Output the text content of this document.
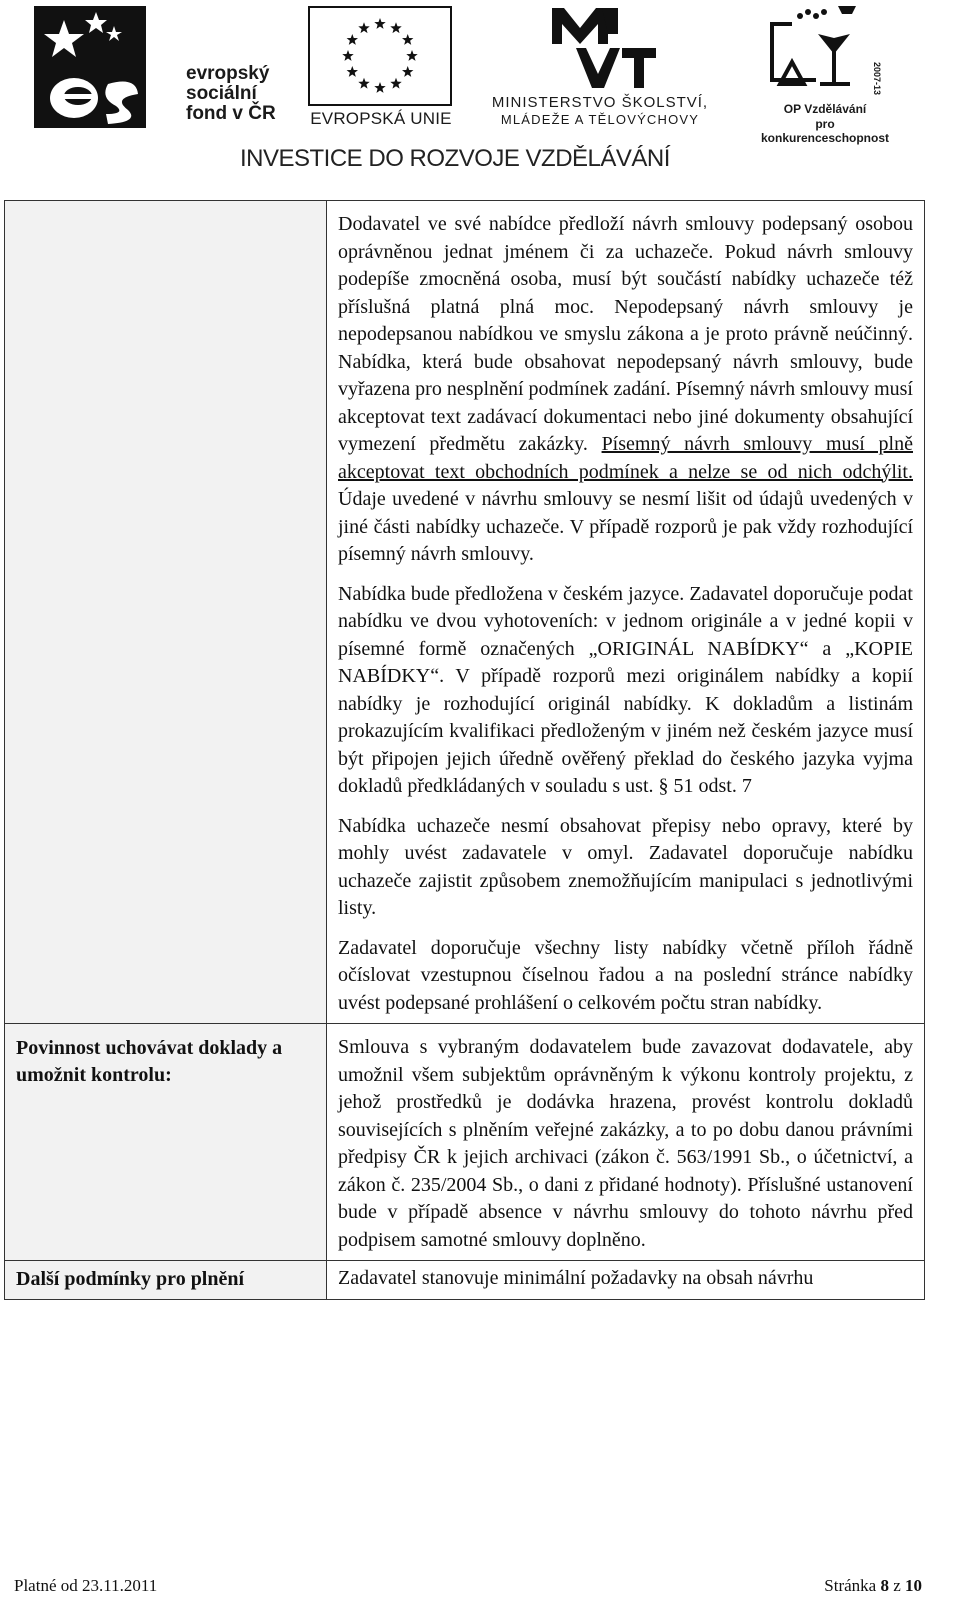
evropský
sociální
fond v ČR EVROPSKÁ UNIE
MINISTERSTVO ŠKOLSTVÍ,
MLÁDEŽE A TĚLOVÝCHOVY
2007-13
OP Vzdělávání
pro konkurenceschopnost
INVESTICE DO ROZVOJE VZDĚLÁVÁNÍ

	Dodavatel ve své nabídce předloží návrh smlouvy podepsaný osobou oprávněnou jednat jménem či za uchazeče. Pokud návrh smlouvy podepíše zmocněná osoba, musí být součástí nabídky uchazeče též příslušná platná plná moc. Nepodepsaný návrh smlouvy je nepodepsanou nabídkou ve smyslu zákona a je proto právně neúčinný. Nabídka, která bude obsahovat nepodepsaný návrh smlouvy, bude vyřazena pro nesplnění podmínek zadání. Písemný návrh smlouvy musí akceptovat text zadávací dokumentaci nebo jiné dokumenty obsahující vymezení předmětu zakázky. Písemný návrh smlouvy musí plně akceptovat text obchodních podmínek a nelze se od nich odchýlit. Údaje uvedené v návrhu smlouvy se nesmí lišit od údajů uvedených v jiné části nabídky uchazeče. V případě rozporů je pak vždy rozhodující písemný návrh smlouvy.

Nabídka bude předložena v českém jazyce. Zadavatel doporučuje podat nabídku ve dvou vyhotoveních: v jednom originále a v jedné kopii v písemné formě označených „ORIGINÁL NABÍDKY“ a „KOPIE NABÍDKY“. V případě rozporů mezi originálem nabídky a kopií nabídky je rozhodující originál nabídky. K dokladům a listinám prokazujícím kvalifikaci předloženým v jiném než českém jazyce musí být připojen jejich úředně ověřený překlad do českého jazyka vyjma dokladů předkládaných v souladu s ust. § 51 odst. 7

Nabídka uchazeče nesmí obsahovat přepisy nebo opravy, které by mohly uvést zadavatele v omyl. Zadavatel doporučuje nabídku uchazeče zajistit způsobem znemožňujícím manipulaci s jednotlivými listy.

Zadavatel doporučuje všechny listy nabídky včetně příloh řádně očíslovat vzestupnou číselnou řadou a na poslední stránce nabídky uvést podepsané prohlášení o celkovém počtu stran nabídky.

Povinnost uchovávat doklady a umožnit kontrolu:	Smlouva s vybraným dodavatelem bude zavazovat dodavatele, aby umožnil všem subjektům oprávněným k výkonu kontroly projektu, z jehož prostředků je dodávka hrazena, provést kontrolu dokladů souvisejících s plněním veřejné zakázky, a to po dobu danou právními předpisy ČR k jejich archivaci (zákon č. 563/1991 Sb., o účetnictví, a zákon č. 235/2004 Sb., o dani z přidané hodnoty). Příslušné ustanovení bude v případě absence v návrhu smlouvy do tohoto návrhu před podpisem samotné smlouvy doplněno.

Další podmínky pro plnění	Zadavatel stanovuje minimální požadavky na obsah návrhu

Platné od 23.11.2011	Stránka 8 z 10
